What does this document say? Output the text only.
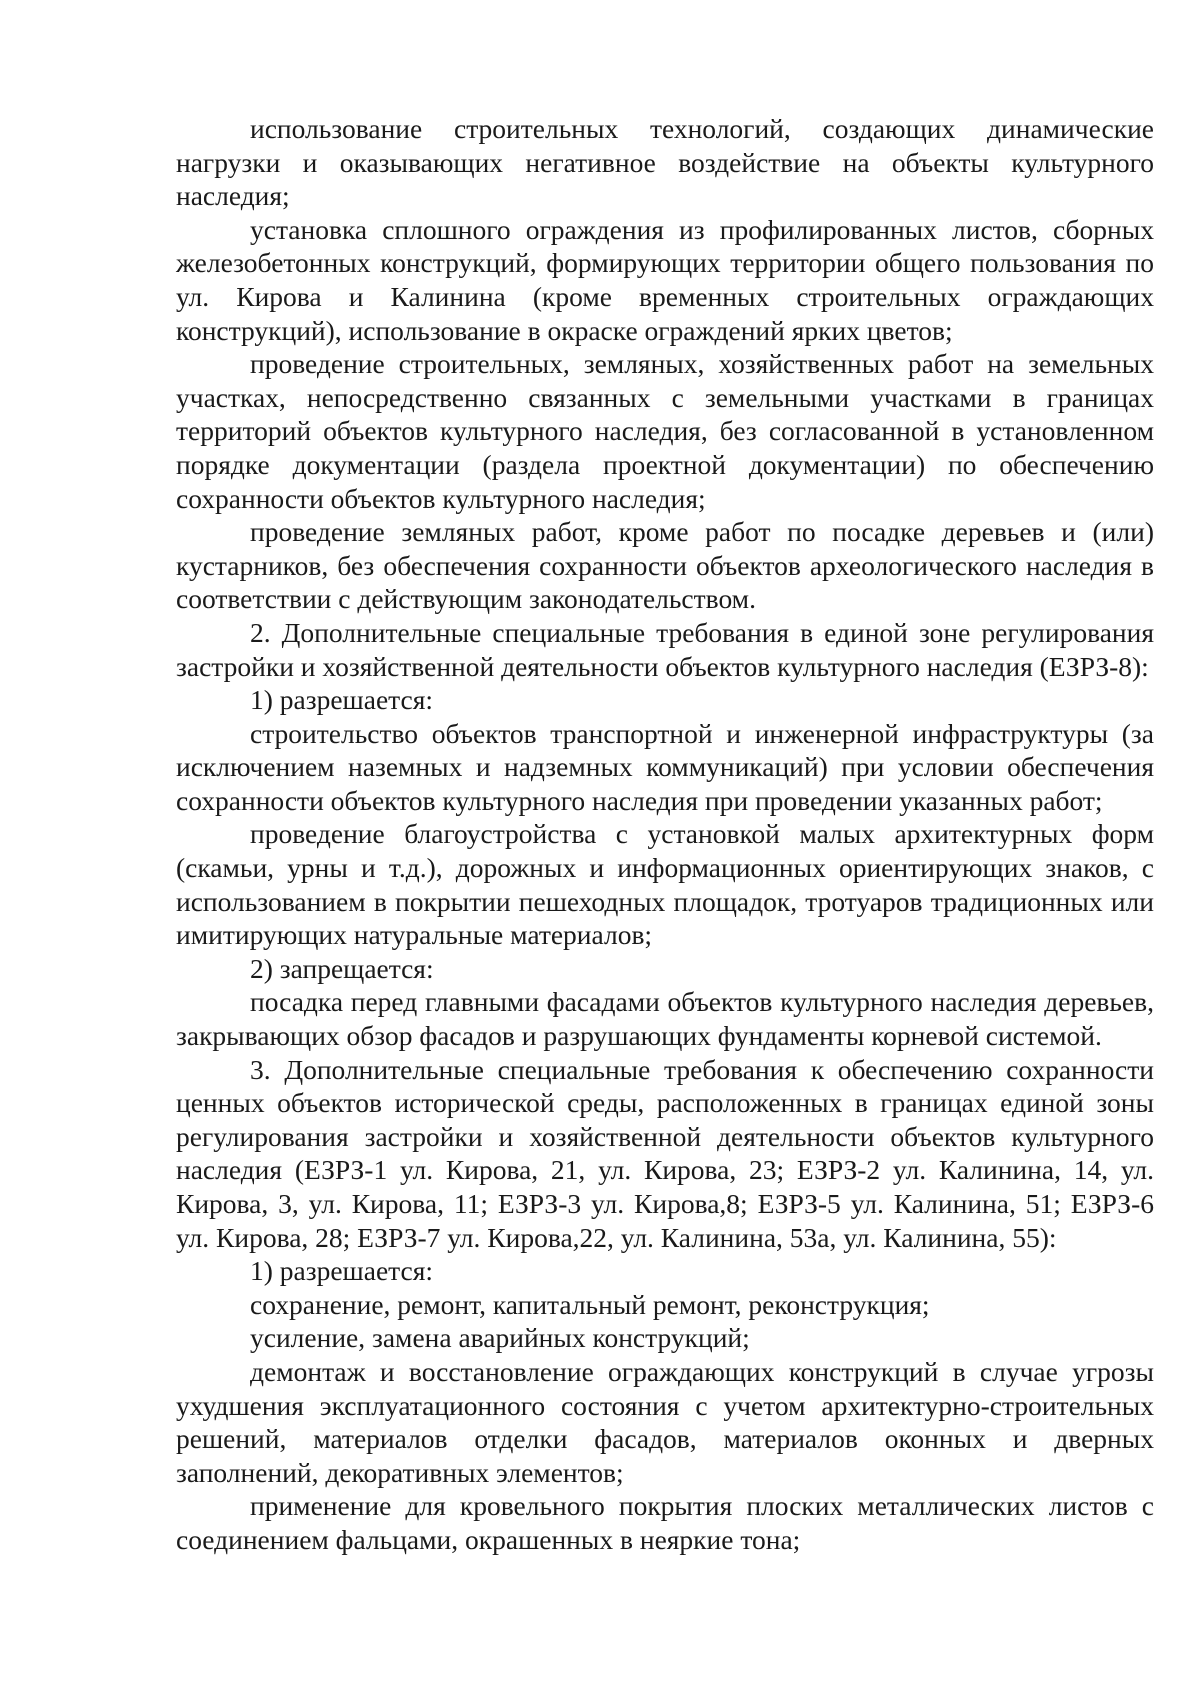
использование строительных технологий, создающих динамические нагрузки и оказывающих негативное воздействие на объекты культурного наследия;

установка сплошного ограждения из профилированных листов, сборных железобетонных конструкций, формирующих территории общего пользования по ул. Кирова и Калинина (кроме временных строительных ограждающих конструкций), использование в окраске ограждений ярких цветов;

проведение строительных, земляных, хозяйственных работ на земельных участках, непосредственно связанных с земельными участками в границах территорий объектов культурного наследия, без согласованной в установленном порядке документации (раздела проектной документации) по обеспечению сохранности объектов культурного наследия;

проведение земляных работ, кроме работ по посадке деревьев и (или) кустарников, без обеспечения сохранности объектов археологического наследия в соответствии с действующим законодательством.

2. Дополнительные специальные требования в единой зоне регулирования застройки и хозяйственной деятельности объектов культурного наследия (ЕЗРЗ-8):

1) разрешается:

строительство объектов транспортной и инженерной инфраструктуры (за исключением наземных и надземных коммуникаций) при условии обеспечения сохранности объектов культурного наследия при проведении указанных работ;

проведение благоустройства с установкой малых архитектурных форм (скамьи, урны и т.д.), дорожных и информационных ориентирующих знаков, с использованием в покрытии пешеходных площадок, тротуаров традиционных или имитирующих натуральные материалов;

2) запрещается:

посадка перед главными фасадами объектов культурного наследия деревьев, закрывающих обзор фасадов и разрушающих фундаменты корневой системой.

3. Дополнительные специальные требования к обеспечению сохранности ценных объектов исторической среды, расположенных в границах единой зоны регулирования застройки и хозяйственной деятельности объектов культурного наследия (ЕЗРЗ-1 ул. Кирова, 21, ул. Кирова, 23; ЕЗРЗ-2 ул. Калинина, 14, ул. Кирова, 3, ул. Кирова, 11; ЕЗРЗ-3 ул. Кирова,8; ЕЗРЗ-5 ул. Калинина, 51; ЕЗРЗ-6 ул. Кирова, 28; ЕЗРЗ-7 ул. Кирова,22, ул. Калинина, 53а, ул. Калинина, 55):

1) разрешается:

сохранение, ремонт, капитальный ремонт, реконструкция;

усиление, замена аварийных конструкций;

демонтаж и восстановление ограждающих конструкций в случае угрозы ухудшения эксплуатационного состояния с учетом архитектурно-строительных решений, материалов отделки фасадов, материалов оконных и дверных заполнений, декоративных элементов;

применение для кровельного покрытия плоских металлических листов с соединением фальцами, окрашенных в неяркие тона;
